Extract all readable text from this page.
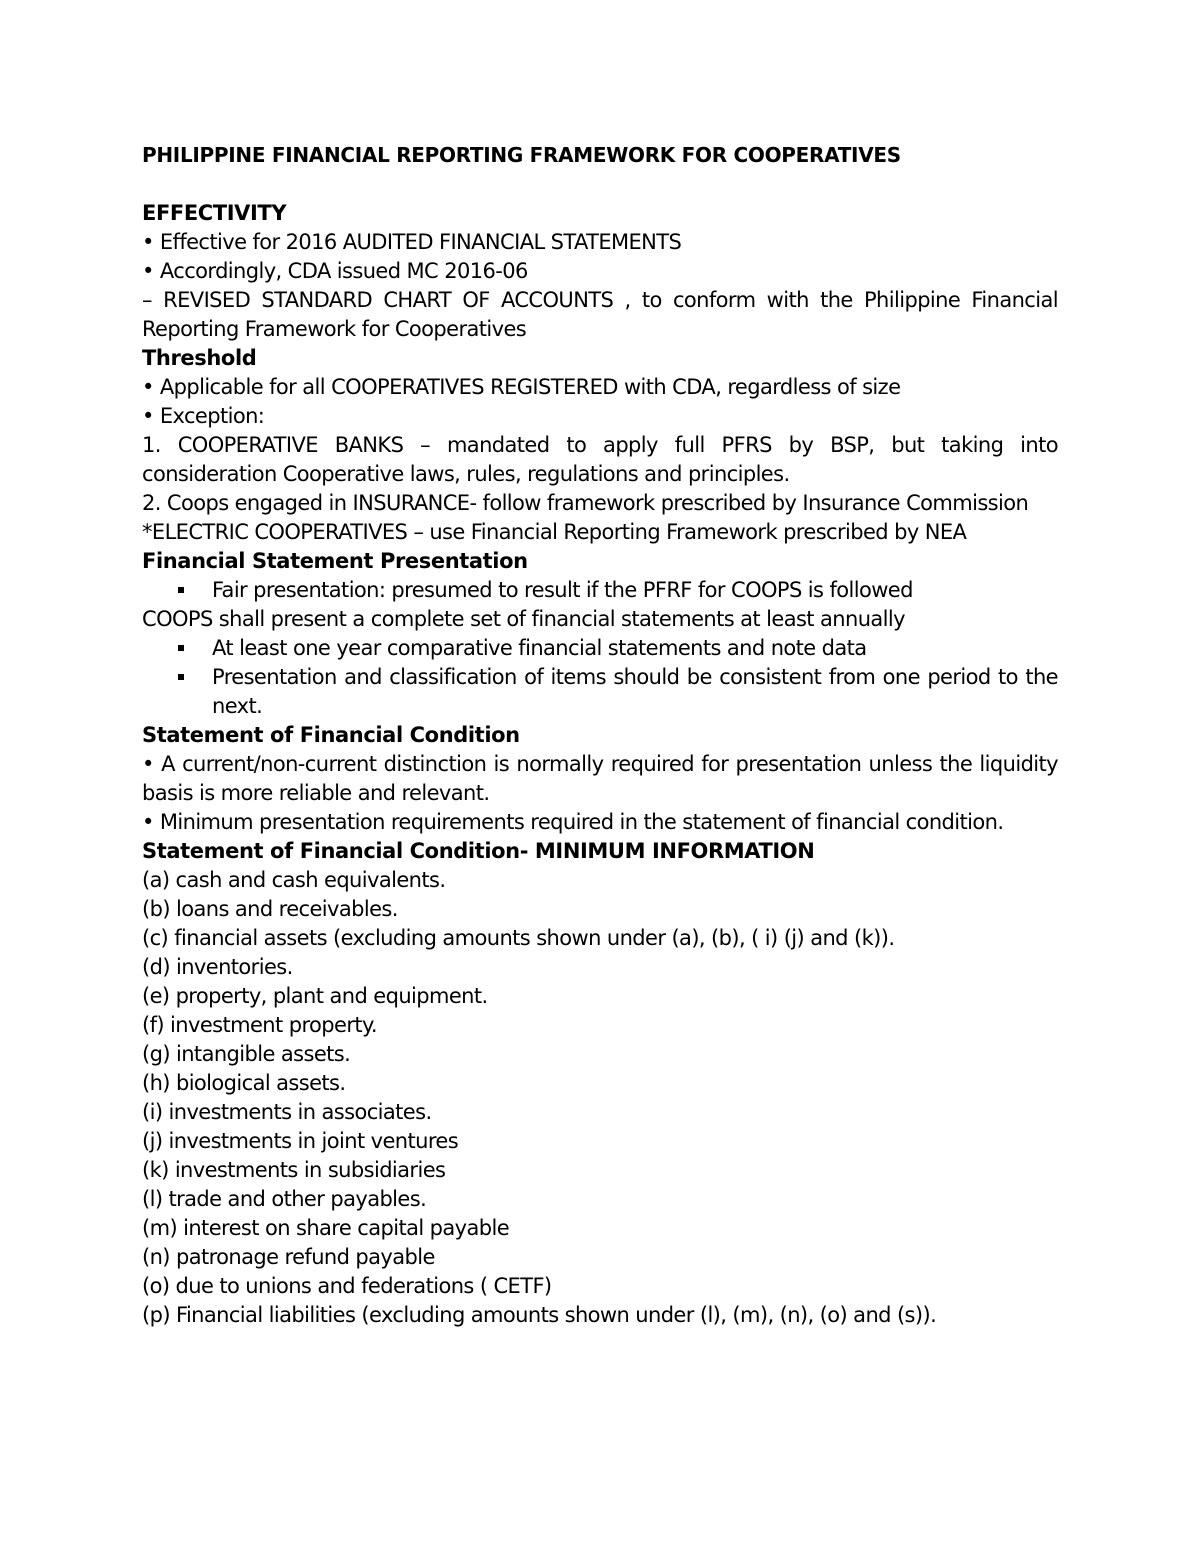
PHILIPPINE FINANCIAL REPORTING FRAMEWORK FOR COOPERATIVES

EFFECTIVITY

• Effective for 2016 AUDITED FINANCIAL STATEMENTS

• Accordingly, CDA issued MC 2016-06

– REVISED STANDARD CHART OF ACCOUNTS , to conform with the Philippine Financial Reporting Framework for Cooperatives

Threshold

• Applicable for all COOPERATIVES REGISTERED with CDA, regardless of size

• Exception:

1. COOPERATIVE BANKS – mandated to apply full PFRS by BSP, but taking into consideration Cooperative laws, rules, regulations and principles.

2. Coops engaged in INSURANCE- follow framework prescribed by Insurance Commission

*ELECTRIC COOPERATIVES – use Financial Reporting Framework prescribed by NEA

Financial Statement Presentation

Fair presentation: presumed to result if the PFRF for COOPS is followed

COOPS shall present a complete set of financial statements at least annually

At least one year comparative financial statements and note data
Presentation and classification of items should be consistent from one period to the next.

Statement of Financial Condition

• A current/non-current distinction is normally required for presentation unless the liquidity basis is more reliable and relevant.

• Minimum presentation requirements required in the statement of financial condition.

Statement of Financial Condition- MINIMUM INFORMATION

(a) cash and cash equivalents.
(b) loans and receivables.
(c) financial assets (excluding amounts shown under (a), (b), ( i) (j) and (k)).
(d) inventories.
(e) property, plant and equipment.
(f) investment property.
(g) intangible assets.
(h) biological assets.
(i) investments in associates.
(j) investments in joint ventures
(k) investments in subsidiaries
(l) trade and other payables.
(m) interest on share capital payable
(n) patronage refund payable
(o) due to unions and federations ( CETF)
(p) Financial liabilities (excluding amounts shown under (l), (m), (n), (o) and (s)).
